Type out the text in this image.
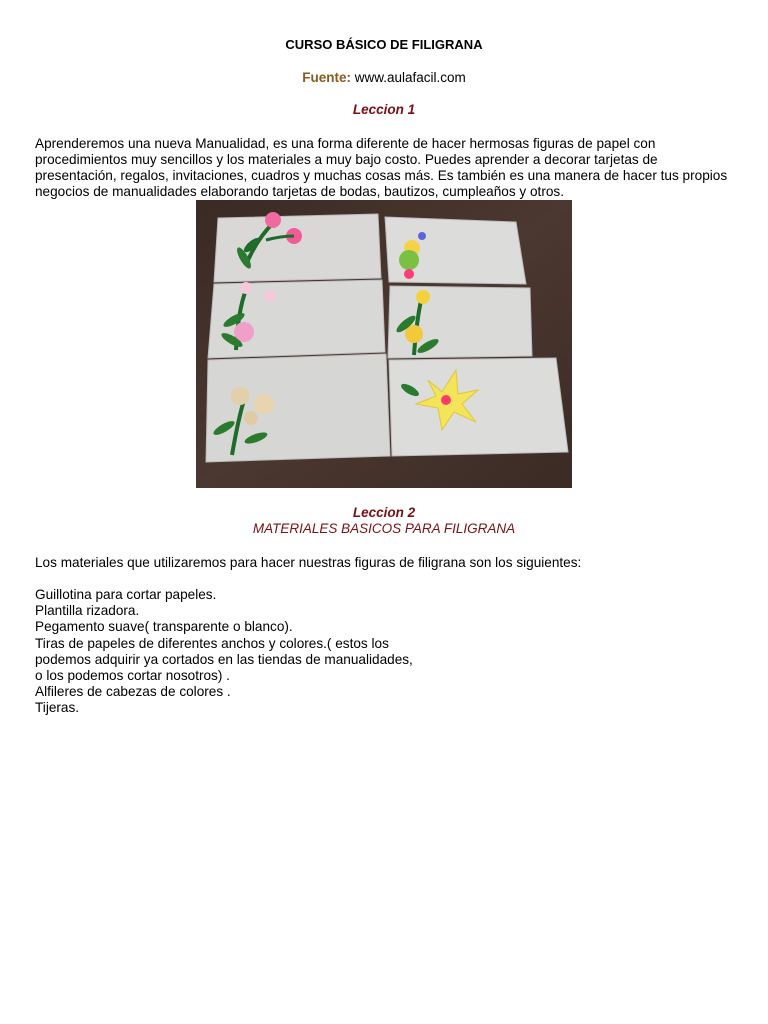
CURSO BÁSICO DE FILIGRANA
Fuente: www.aulafacil.com
Leccion 1
Aprenderemos una nueva Manualidad, es una forma diferente de hacer hermosas figuras de papel con procedimientos muy sencillos y los materiales a muy bajo costo. Puedes aprender a decorar tarjetas de presentación, regalos, invitaciones, cuadros y muchas cosas más. Es también es una manera de hacer tus propios negocios de manualidades elaborando tarjetas de bodas, bautizos, cumpleaños y otros.
Leccion 2
MATERIALES BASICOS PARA FILIGRANA
Los materiales que utilizaremos para hacer nuestras figuras de filigrana son los siguientes:
Guillotina para cortar papeles.
Plantilla rizadora.
Pegamento suave( transparente o blanco).
Tiras de papeles de diferentes anchos y colores.( estos los
podemos adquirir ya cortados en las tiendas de manualidades,
o los podemos cortar nosotros) .
Alfileres de cabezas de colores .
Tijeras.
